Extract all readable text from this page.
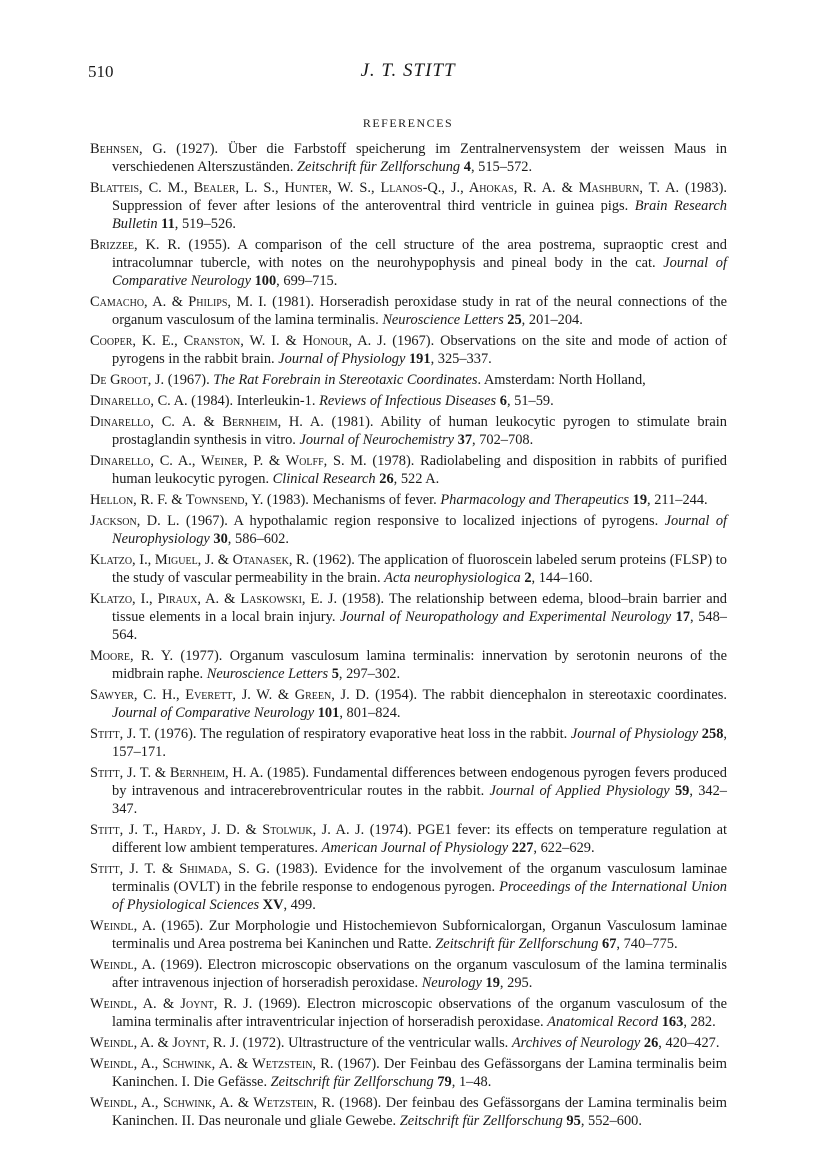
510	J. T. STITT
REFERENCES

Behnsen, G. (1927). Über die Farbstoff speicherung im Zentralnervensystem der weissen Maus in verschiedenen Alterszuständen. Zeitschrift für Zellforschung 4, 515–572.

Blatteis, C. M., Bealer, L. S., Hunter, W. S., Llanos-Q., J., Ahokas, R. A. & Mashburn, T. A. (1983). Suppression of fever after lesions of the anteroventral third ventricle in guinea pigs. Brain Research Bulletin 11, 519–526.

Brizzee, K. R. (1955). A comparison of the cell structure of the area postrema, supraoptic crest and intracolumnar tubercle, with notes on the neurohypophysis and pineal body in the cat. Journal of Comparative Neurology 100, 699–715.

Camacho, A. & Philips, M. I. (1981). Horseradish peroxidase study in rat of the neural connections of the organum vasculosum of the lamina terminalis. Neuroscience Letters 25, 201–204.

Cooper, K. E., Cranston, W. I. & Honour, A. J. (1967). Observations on the site and mode of action of pyrogens in the rabbit brain. Journal of Physiology 191, 325–337.

De Groot, J. (1967). The Rat Forebrain in Stereotaxic Coordinates. Amsterdam: North Holland,

Dinarello, C. A. (1984). Interleukin-1. Reviews of Infectious Diseases 6, 51–59.

Dinarello, C. A. & Bernheim, H. A. (1981). Ability of human leukocytic pyrogen to stimulate brain prostaglandin synthesis in vitro. Journal of Neurochemistry 37, 702–708.

Dinarello, C. A., Weiner, P. & Wolff, S. M. (1978). Radiolabeling and disposition in rabbits of purified human leukocytic pyrogen. Clinical Research 26, 522 A.

Hellon, R. F. & Townsend, Y. (1983). Mechanisms of fever. Pharmacology and Therapeutics 19, 211–244.

Jackson, D. L. (1967). A hypothalamic region responsive to localized injections of pyrogens. Journal of Neurophysiology 30, 586–602.

Klatzo, I., Miguel, J. & Otanasek, R. (1962). The application of fluoroscein labeled serum proteins (FLSP) to the study of vascular permeability in the brain. Acta neurophysiologica 2, 144–160.

Klatzo, I., Piraux, A. & Laskowski, E. J. (1958). The relationship between edema, blood–brain barrier and tissue elements in a local brain injury. Journal of Neuropathology and Experimental Neurology 17, 548–564.

Moore, R. Y. (1977). Organum vasculosum lamina terminalis: innervation by serotonin neurons of the midbrain raphe. Neuroscience Letters 5, 297–302.

Sawyer, C. H., Everett, J. W. & Green, J. D. (1954). The rabbit diencephalon in stereotaxic coordinates. Journal of Comparative Neurology 101, 801–824.

Stitt, J. T. (1976). The regulation of respiratory evaporative heat loss in the rabbit. Journal of Physiology 258, 157–171.

Stitt, J. T. & Bernheim, H. A. (1985). Fundamental differences between endogenous pyrogen fevers produced by intravenous and intracerebroventricular routes in the rabbit. Journal of Applied Physiology 59, 342–347.

Stitt, J. T., Hardy, J. D. & Stolwijk, J. A. J. (1974). PGE1 fever: its effects on temperature regulation at different low ambient temperatures. American Journal of Physiology 227, 622–629.

Stitt, J. T. & Shimada, S. G. (1983). Evidence for the involvement of the organum vasculosum laminae terminalis (OVLT) in the febrile response to endogenous pyrogen. Proceedings of the International Union of Physiological Sciences XV, 499.

Weindl, A. (1965). Zur Morphologie und Histochemievon Subfornicalorgan, Organun Vasculosum laminae terminalis und Area postrema bei Kaninchen und Ratte. Zeitschrift für Zellforschung 67, 740–775.

Weindl, A. (1969). Electron microscopic observations on the organum vasculosum of the lamina terminalis after intravenous injection of horseradish peroxidase. Neurology 19, 295.

Weindl, A. & Joynt, R. J. (1969). Electron microscopic observations of the organum vasculosum of the lamina terminalis after intraventricular injection of horseradish peroxidase. Anatomical Record 163, 282.

Weindl, A. & Joynt, R. J. (1972). Ultrastructure of the ventricular walls. Archives of Neurology 26, 420–427.

Weindl, A., Schwink, A. & Wetzstein, R. (1967). Der Feinbau des Gefässorgans der Lamina terminalis beim Kaninchen. I. Die Gefässe. Zeitschrift für Zellforschung 79, 1–48.

Weindl, A., Schwink, A. & Wetzstein, R. (1968). Der feinbau des Gefässorgans der Lamina terminalis beim Kaninchen. II. Das neuronale und gliale Gewebe. Zeitschrift für Zellforschung 95, 552–600.
